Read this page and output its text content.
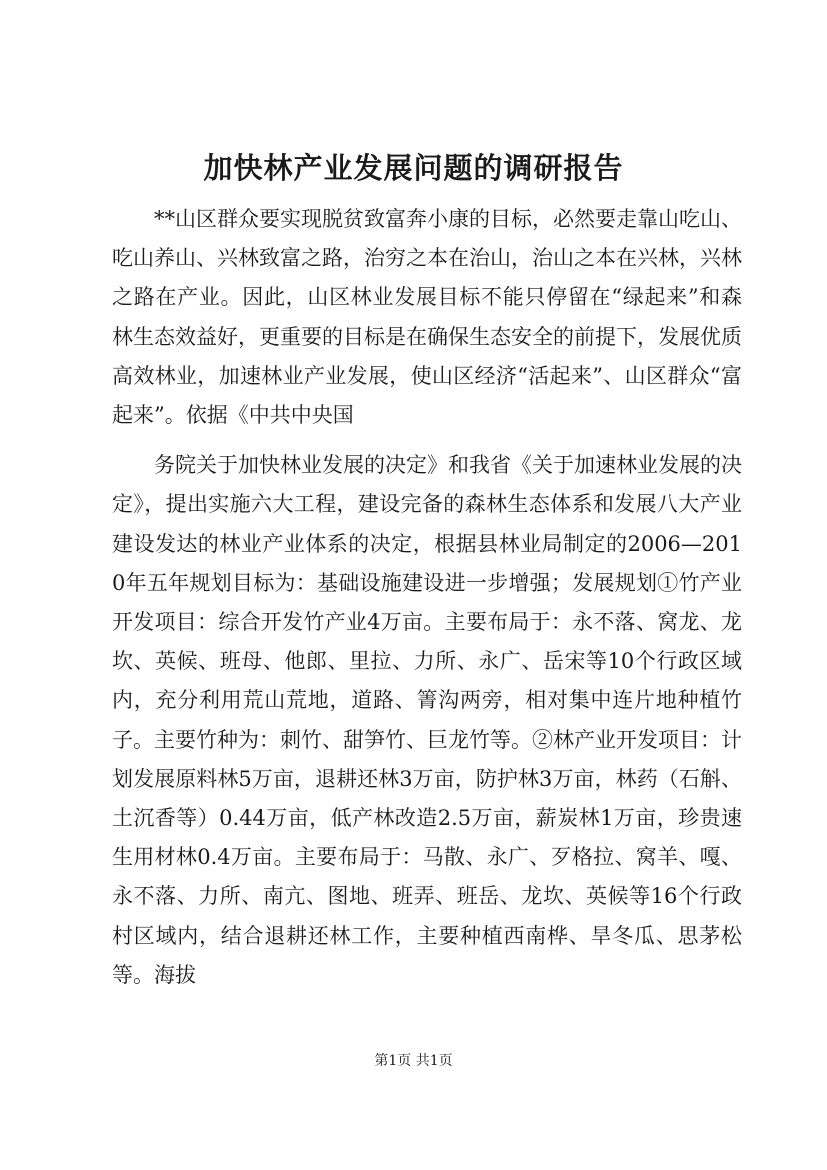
加快林产业发展问题的调研报告

**山区群众要实现脱贫致富奔小康的目标，必然要走靠山吃山、吃山养山、兴林致富之路，治穷之本在治山，治山之本在兴林，兴林之路在产业。因此，山区林业发展目标不能只停留在“绿起来”和森林生态效益好，更重要的目标是在确保生态安全的前提下，发展优质高效林业，加速林业产业发展，使山区经济“活起来”、山区群众“富起来”。依据《中共中央国

务院关于加快林业发展的决定》和我省《关于加速林业发展的决定》，提出实施六大工程，建设完备的森林生态体系和发展八大产业建设发达的林业产业体系的决定，根据县林业局制定的2006—2010年五年规划目标为：基础设施建设进一步增强；发展规划①竹产业开发项目：综合开发竹产业4万亩。主要布局于：永不落、窝龙、龙坎、英候、班母、他郎、里拉、力所、永广、岳宋等10个行政区域内，充分利用荒山荒地，道路、箐沟两旁，相对集中连片地种植竹子。主要竹种为：刺竹、甜笋竹、巨龙竹等。②林产业开发项目：计划发展原料林5万亩，退耕还林3万亩，防护林3万亩，林药（石斛、土沉香等）0.44万亩，低产林改造2.5万亩，薪炭林1万亩，珍贵速生用材林0.4万亩。主要布局于：马散、永广、歹格拉、窝羊、嘎、永不落、力所、南亢、图地、班弄、班岳、龙坎、英候等16个行政村区域内，结合退耕还林工作，主要种植西南桦、旱冬瓜、思茅松等。海拔

第1页 共1页
